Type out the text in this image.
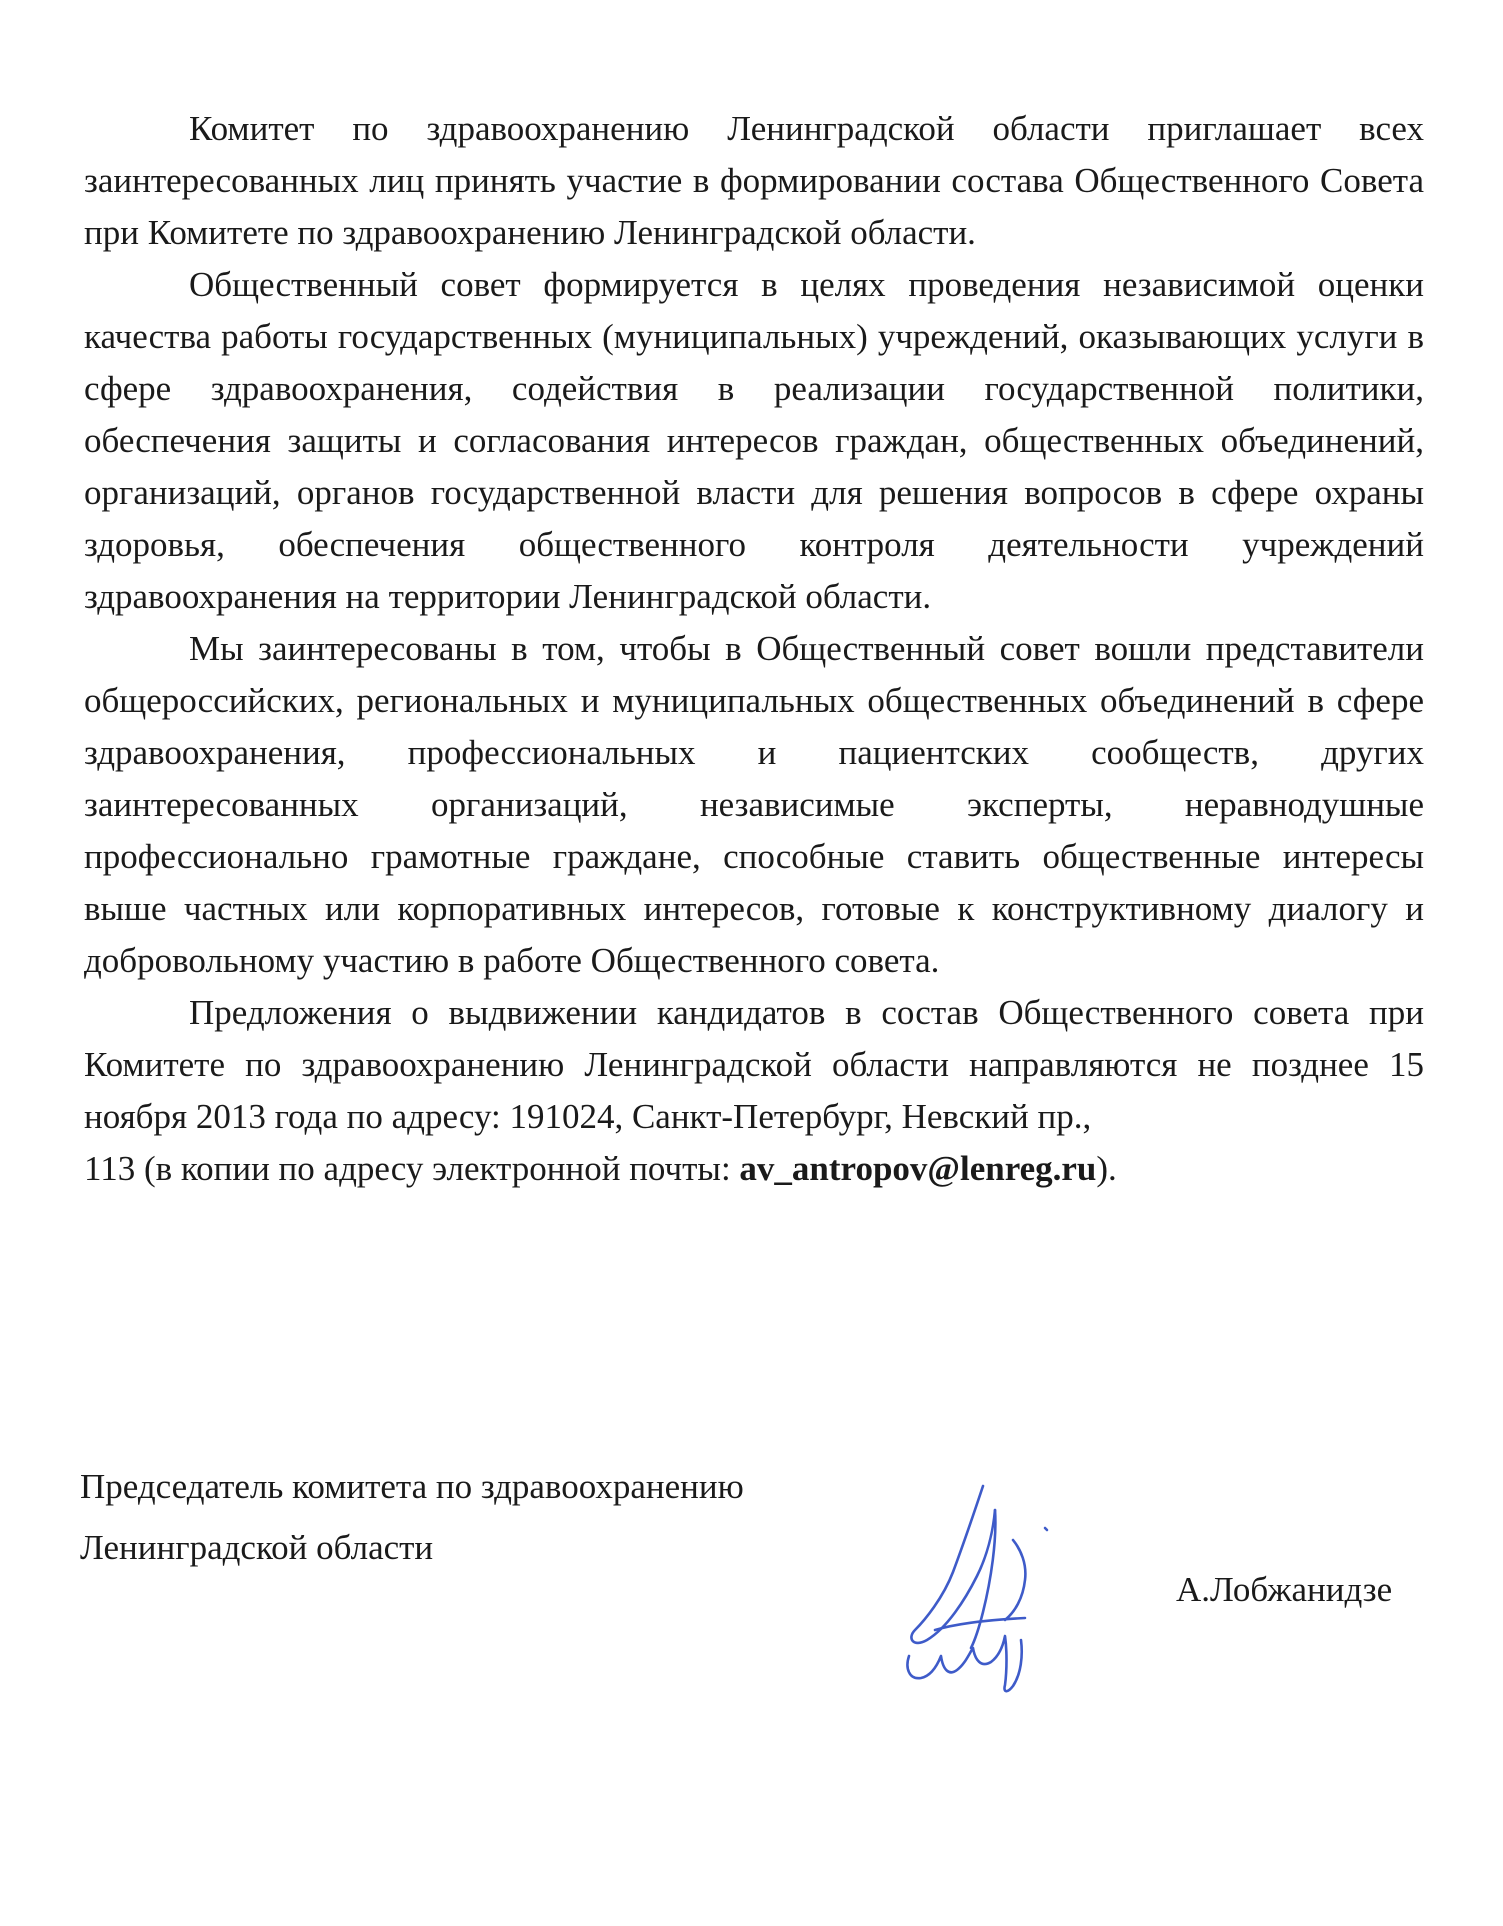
Комитет по здравоохранению Ленинградской области приглашает всех заинтересованных лиц принять участие в формировании состава Общественного Совета при Комитете по здравоохранению Ленинградской области.

Общественный совет формируется в целях проведения независимой оценки качества работы государственных (муниципальных) учреждений, оказывающих услуги в сфере здравоохранения, содействия в реализации государственной политики, обеспечения защиты и согласования интересов граждан, общественных объединений, организаций, органов государственной власти для решения вопросов в сфере охраны здоровья, обеспечения общественного контроля деятельности учреждений здравоохранения на территории Ленинградской области.

Мы заинтересованы в том, чтобы в Общественный совет вошли представители общероссийских, региональных и муниципальных общественных объединений в сфере здравоохранения, профессиональных и пациентских сообществ, других заинтересованных организаций, независимые эксперты, неравнодушные профессионально грамотные граждане, способные ставить общественные интересы выше частных или корпоративных интересов, готовые к конструктивному диалогу и добровольному участию в работе Общественного совета.

Предложения о выдвижении кандидатов в состав Общественного совета при Комитете по здравоохранению Ленинградской области направляются не позднее 15 ноября 2013 года по адресу: 191024, Санкт-Петербург, Невский пр.,

113 (в копии по адресу электронной почты: av_antropov@lenreg.ru).

Председатель комитета по здравоохранению
Ленинградской области
А.Лобжанидзе
